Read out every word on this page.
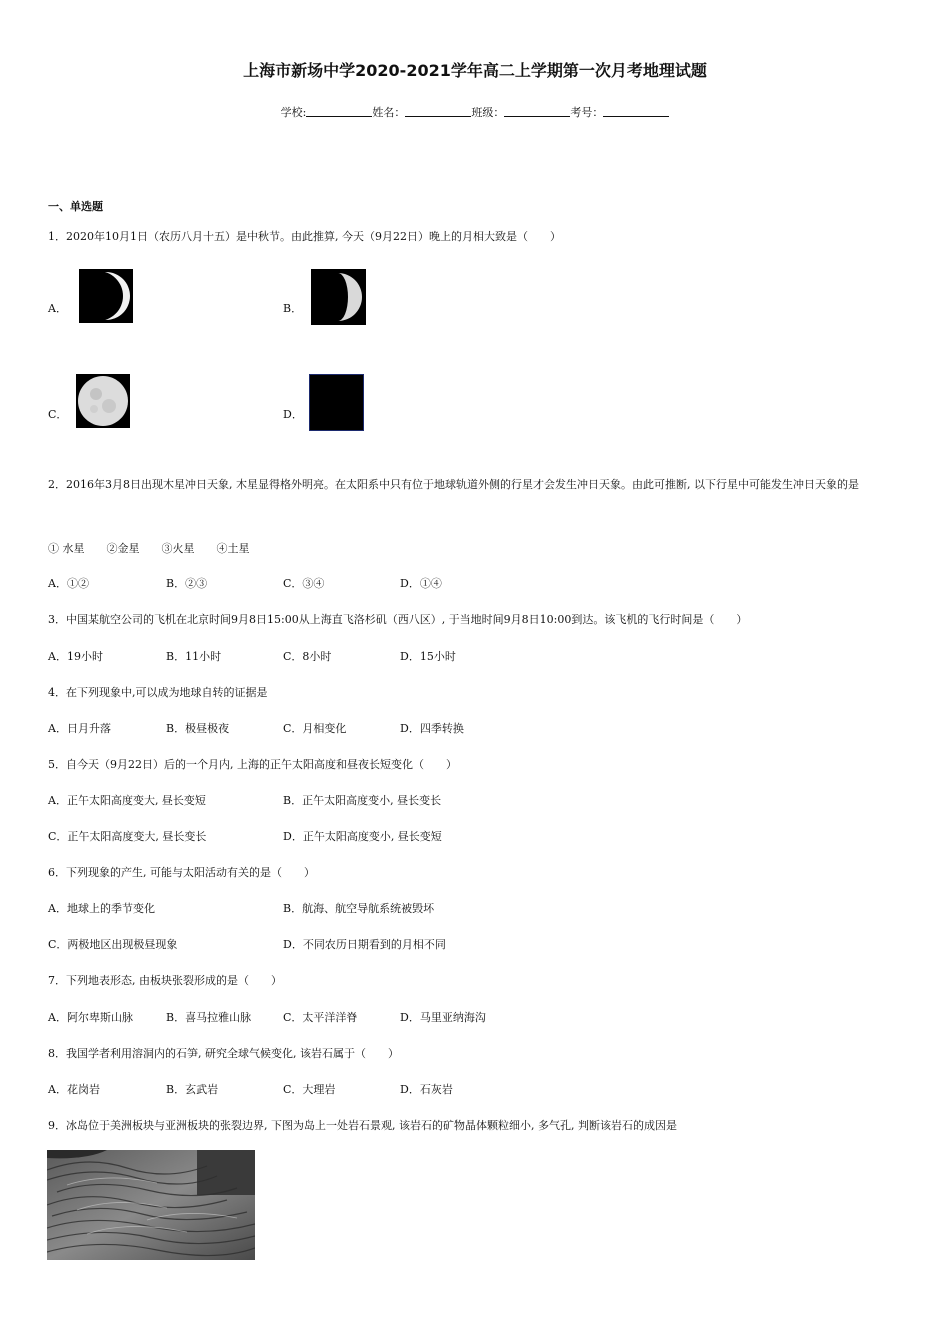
上海市新场中学2020-2021学年高二上学期第一次月考地理试题
学校:	姓名：	班级：	考号：
一、单选题
1．2020年10月1日（农历八月十五）是中秋节。由此推算, 今天（9月22日）晚上的月相大致是（　　）
A．	B．
C．	D．
2．2016年3月8日出现木星冲日天象, 木星显得格外明亮。在太阳系中只有位于地球轨道外侧的行星才会发生冲日天象。由此可推断, 以下行星中可能发生冲日天象的是
① 水星　　②金星　　③火星　　④土星
A．①②	B．②③	C．③④	D．①④
3．中国某航空公司的飞机在北京时间9月8日15:00从上海直飞洛杉矶（西八区）, 于当地时间9月8日10:00到达。该飞机的飞行时间是（　　）
A．19小时	B．11小时	C．8小时	D．15小时
4．在下列现象中,可以成为地球自转的证据是
A．日月升落	B．极昼极夜	C．月相变化	D．四季转换
5．自今天（9月22日）后的一个月内, 上海的正午太阳高度和昼夜长短变化（　　）
A．正午太阳高度变大, 昼长变短	B．正午太阳高度变小, 昼长变长
C．正午太阳高度变大, 昼长变长	D．正午太阳高度变小, 昼长变短
6．下列现象的产生, 可能与太阳活动有关的是（　　）
A．地球上的季节变化	B．航海、航空导航系统被毁坏
C．两极地区出现极昼现象	D．不同农历日期看到的月相不同
7．下列地表形态, 由板块张裂形成的是（　　）
A．阿尔卑斯山脉	B．喜马拉雅山脉	C．太平洋洋脊	D．马里亚纳海沟
8．我国学者利用溶洞内的石笋, 研究全球气候变化, 该岩石属于（　　）
A．花岗岩	B．玄武岩	C．大理岩	D．石灰岩
9．冰岛位于美洲板块与亚洲板块的张裂边界, 下图为岛上一处岩石景观, 该岩石的矿物晶体颗粒细小, 多气孔, 判断该岩石的成因是
